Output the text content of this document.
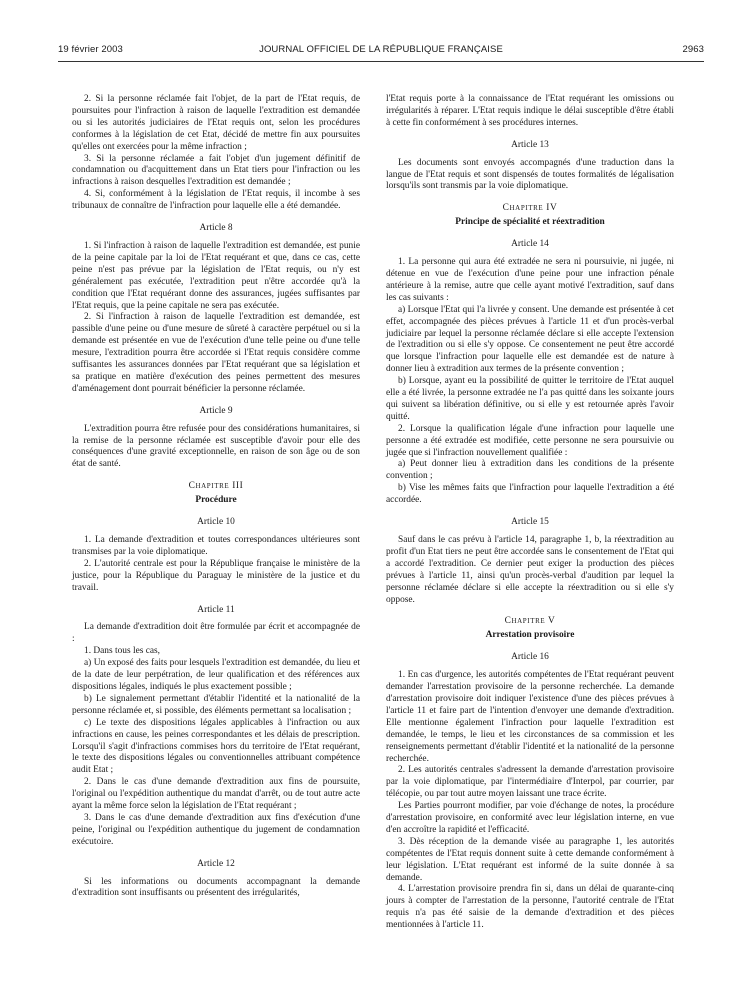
19 février 2003	JOURNAL OFFICIEL DE LA RÉPUBLIQUE FRANÇAISE	2963

2. Si la personne réclamée fait l'objet, de la part de l'Etat requis, de poursuites pour l'infraction à raison de laquelle l'extradition est demandée ou si les autorités judiciaires de l'Etat requis ont, selon les procédures conformes à la législation de cet Etat, décidé de mettre fin aux poursuites qu'elles ont exercées pour la même infraction ;

3. Si la personne réclamée a fait l'objet d'un jugement définitif de condamnation ou d'acquittement dans un Etat tiers pour l'infraction ou les infractions à raison desquelles l'extradition est demandée ;

4. Si, conformément à la législation de l'Etat requis, il incombe à ses tribunaux de connaître de l'infraction pour laquelle elle a été demandée.

Article 8

1. Si l'infraction à raison de laquelle l'extradition est demandée, est punie de la peine capitale par la loi de l'Etat requérant et que, dans ce cas, cette peine n'est pas prévue par la législation de l'Etat requis, ou n'y est généralement pas exécutée, l'extradition peut n'être accordée qu'à la condition que l'Etat requérant donne des assurances, jugées suffisantes par l'Etat requis, que la peine capitale ne sera pas exécutée.

2. Si l'infraction à raison de laquelle l'extradition est demandée, est passible d'une peine ou d'une mesure de sûreté à caractère perpétuel ou si la demande est présentée en vue de l'exécution d'une telle peine ou d'une telle mesure, l'extradition pourra être accordée si l'Etat requis considère comme suffisantes les assurances données par l'Etat requérant que sa législation et sa pratique en matière d'exécution des peines permettent des mesures d'aménagement dont pourrait bénéficier la personne réclamée.

Article 9

L'extradition pourra être refusée pour des considérations humanitaires, si la remise de la personne réclamée est susceptible d'avoir pour elle des conséquences d'une gravité exceptionnelle, en raison de son âge ou de son état de santé.

Chapitre III

Procédure

Article 10

1. La demande d'extradition et toutes correspondances ultérieures sont transmises par la voie diplomatique.

2. L'autorité centrale est pour la République française le ministère de la justice, pour la République du Paraguay le ministère de la justice et du travail.

Article 11

La demande d'extradition doit être formulée par écrit et accompagnée de :

1. Dans tous les cas,

a) Un exposé des faits pour lesquels l'extradition est demandée, du lieu et de la date de leur perpétration, de leur qualification et des références aux dispositions légales, indiqués le plus exactement possible ;

b) Le signalement permettant d'établir l'identité et la nationalité de la personne réclamée et, si possible, des éléments permettant sa localisation ;

c) Le texte des dispositions légales applicables à l'infraction ou aux infractions en cause, les peines correspondantes et les délais de prescription. Lorsqu'il s'agit d'infractions commises hors du territoire de l'Etat requérant, le texte des dispositions légales ou conventionnelles attribuant compétence audit Etat ;

2. Dans le cas d'une demande d'extradition aux fins de poursuite, l'original ou l'expédition authentique du mandat d'arrêt, ou de tout autre acte ayant la même force selon la législation de l'Etat requérant ;

3. Dans le cas d'une demande d'extradition aux fins d'exécution d'une peine, l'original ou l'expédition authentique du jugement de condamnation exécutoire.

Article 12

Si les informations ou documents accompagnant la demande d'extradition sont insuffisants ou présentent des irrégularités,

l'Etat requis porte à la connaissance de l'Etat requérant les omissions ou irrégularités à réparer. L'Etat requis indique le délai susceptible d'être établi à cette fin conformément à ses procédures internes.

Article 13

Les documents sont envoyés accompagnés d'une traduction dans la langue de l'Etat requis et sont dispensés de toutes formalités de légalisation lorsqu'ils sont transmis par la voie diplomatique.

Chapitre IV

Principe de spécialité et réextradition

Article 14

1. La personne qui aura été extradée ne sera ni poursuivie, ni jugée, ni détenue en vue de l'exécution d'une peine pour une infraction pénale antérieure à la remise, autre que celle ayant motivé l'extradition, sauf dans les cas suivants :

a) Lorsque l'Etat qui l'a livrée y consent. Une demande est présentée à cet effet, accompagnée des pièces prévues à l'article 11 et d'un procès-verbal judiciaire par lequel la personne réclamée déclare si elle accepte l'extension de l'extradition ou si elle s'y oppose. Ce consentement ne peut être accordé que lorsque l'infraction pour laquelle elle est demandée est de nature à donner lieu à extradition aux termes de la présente convention ;

b) Lorsque, ayant eu la possibilité de quitter le territoire de l'Etat auquel elle a été livrée, la personne extradée ne l'a pas quitté dans les soixante jours qui suivent sa libération définitive, ou si elle y est retournée après l'avoir quitté.

2. Lorsque la qualification légale d'une infraction pour laquelle une personne a été extradée est modifiée, cette personne ne sera poursuivie ou jugée que si l'infraction nouvellement qualifiée :

a) Peut donner lieu à extradition dans les conditions de la présente convention ;

b) Vise les mêmes faits que l'infraction pour laquelle l'extradition a été accordée.

Article 15

Sauf dans le cas prévu à l'article 14, paragraphe 1, b, la réextradition au profit d'un Etat tiers ne peut être accordée sans le consentement de l'Etat qui a accordé l'extradition. Ce dernier peut exiger la production des pièces prévues à l'article 11, ainsi qu'un procès-verbal d'audition par lequel la personne réclamée déclare si elle accepte la réextradition ou si elle s'y oppose.

Chapitre V

Arrestation provisoire

Article 16

1. En cas d'urgence, les autorités compétentes de l'Etat requérant peuvent demander l'arrestation provisoire de la personne recherchée. La demande d'arrestation provisoire doit indiquer l'existence d'une des pièces prévues à l'article 11 et faire part de l'intention d'envoyer une demande d'extradition. Elle mentionne également l'infraction pour laquelle l'extradition est demandée, le temps, le lieu et les circonstances de sa commission et les renseignements permettant d'établir l'identité et la nationalité de la personne recherchée.

2. Les autorités centrales s'adressent la demande d'arrestation provisoire par la voie diplomatique, par l'intermédiaire d'Interpol, par courrier, par télécopie, ou par tout autre moyen laissant une trace écrite.

Les Parties pourront modifier, par voie d'échange de notes, la procédure d'arrestation provisoire, en conformité avec leur législation interne, en vue d'en accroître la rapidité et l'efficacité.

3. Dès réception de la demande visée au paragraphe 1, les autorités compétentes de l'Etat requis donnent suite à cette demande conformément à leur législation. L'Etat requérant est informé de la suite donnée à sa demande.

4. L'arrestation provisoire prendra fin si, dans un délai de quarante-cinq jours à compter de l'arrestation de la personne, l'autorité centrale de l'Etat requis n'a pas été saisie de la demande d'extradition et des pièces mentionnées à l'article 11.
